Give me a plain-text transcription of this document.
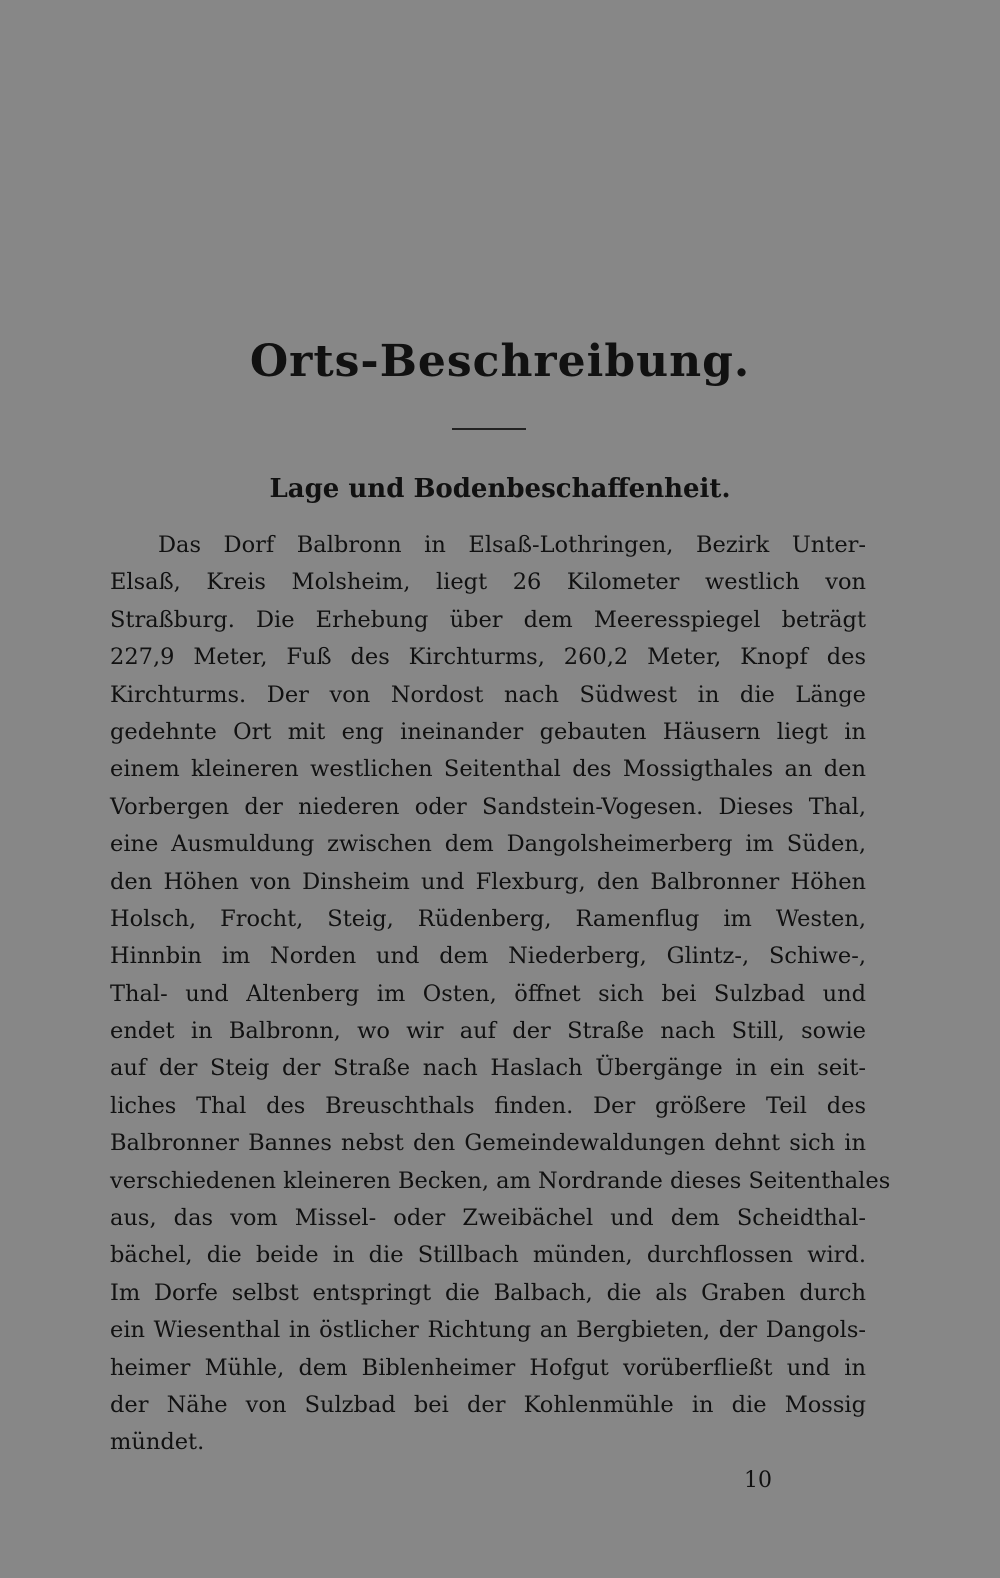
Orts-Beschreibung.
Lage und Bodenbeschaffenheit.
Das Dorf Balbronn in Elsaß-Lothringen, Bezirk Unter-
Elsaß, Kreis Molsheim, liegt 26 Kilometer westlich von
Straßburg. Die Erhebung über dem Meeresspiegel beträgt
227,9 Meter, Fuß des Kirchturms, 260,2 Meter, Knopf des
Kirchturms. Der von Nordost nach Südwest in die Länge
gedehnte Ort mit eng ineinander gebauten Häusern liegt in
einem kleineren westlichen Seitenthal des Mossigthales an den
Vorbergen der niederen oder Sandstein-Vogesen. Dieses Thal,
eine Ausmuldung zwischen dem Dangolsheimerberg im Süden,
den Höhen von Dinsheim und Flexburg, den Balbronner Höhen
Holsch, Frocht, Steig, Rüdenberg, Ramenflug im Westen,
Hinnbin im Norden und dem Niederberg, Glintz-, Schiwe-,
Thal- und Altenberg im Osten, öffnet sich bei Sulzbad und
endet in Balbronn, wo wir auf der Straße nach Still, sowie
auf der Steig der Straße nach Haslach Übergänge in ein seit-
liches Thal des Breuschthals finden. Der größere Teil des
Balbronner Bannes nebst den Gemeindewaldungen dehnt sich in
verschiedenen kleineren Becken, am Nordrande dieses Seitenthales
aus, das vom Missel- oder Zweibächel und dem Scheidthal-
bächel, die beide in die Stillbach münden, durchflossen wird.
Im Dorfe selbst entspringt die Balbach, die als Graben durch
ein Wiesenthal in östlicher Richtung an Bergbieten, der Dangols-
heimer Mühle, dem Biblenheimer Hofgut vorüberfließt und in
der Nähe von Sulzbad bei der Kohlenmühle in die Mossig
mündet.
10
